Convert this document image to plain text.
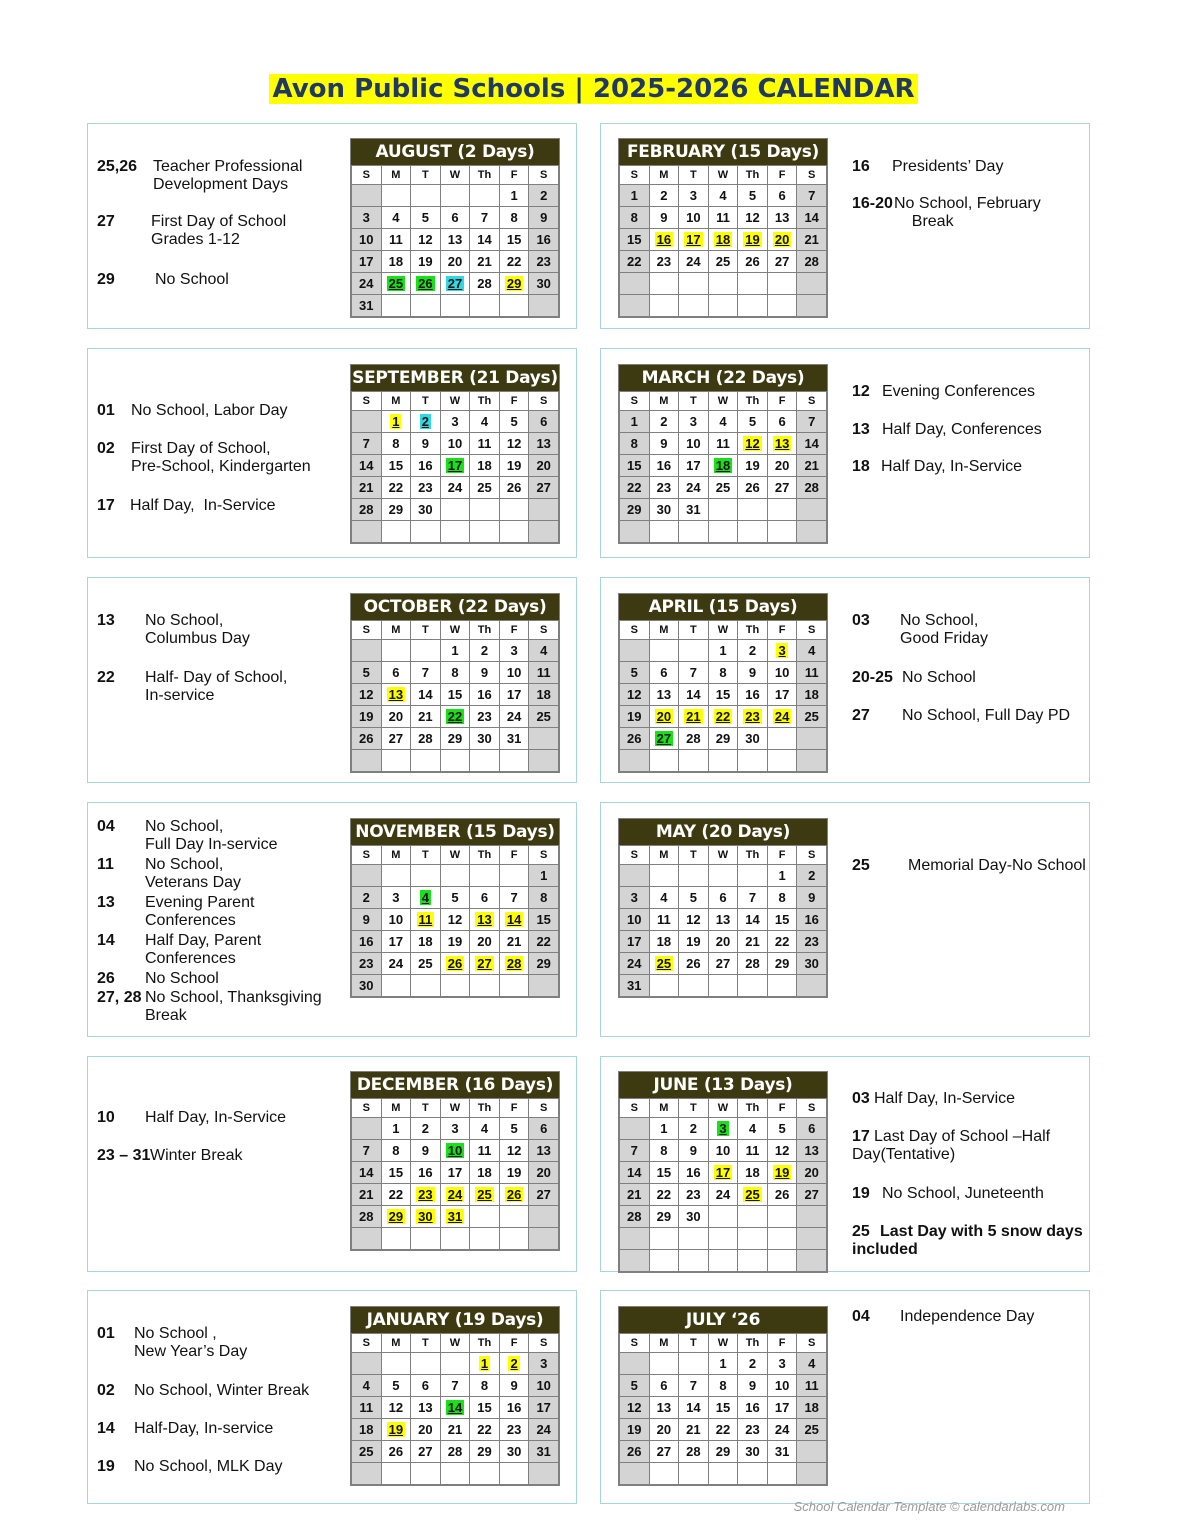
Avon Public Schools | 2025-2026 CALENDAR
25,26 Teacher Professional
Development Days
27 First Day of School
Grades 1-12
29	No School
AUGUST (2 Days)
S	M	T	W	Th	F	S
					1	2
3	4	5	6	7	8	9
10	11	12	13	14	15	16
17	18	19	20	21	22	23
24	25	26	27	28	29	30
31						
16 Presidents’ Day
16-20 No School, February
Break
FEBRUARY (15 Days)
S	M	T	W	Th	F	S
1	2	3	4	5	6	7
8	9	10	11	12	13	14
15	16	17	18	19	20	21
22	23	24	25	26	27	28

01 No School, Labor Day
02 First Day of School,
Pre-School, Kindergarten
17 Half Day,  In-Service
SEPTEMBER (21 Days)
S	M	T	W	Th	F	S
	1	2	3	4	5	6
7	8	9	10	11	12	13
14	15	16	17	18	19	20
21	22	23	24	25	26	27
28	29	30				

12 Evening Conferences
13 Half Day, Conferences
18 Half Day, In-Service
MARCH (22 Days)
S	M	T	W	Th	F	S
1	2	3	4	5	6	7
8	9	10	11	12	13	14
15	16	17	18	19	20	21
22	23	24	25	26	27	28
29	30	31				

13 No School,
Columbus Day
22 Half- Day of School,
In-service
OCTOBER (22 Days)
S	M	T	W	Th	F	S
			1	2	3	4
5	6	7	8	9	10	11
12	13	14	15	16	17	18
19	20	21	22	23	24	25
26	27	28	29	30	31	

03 No School,
Good Friday
20-25 No School
27 No School, Full Day PD
APRIL (15 Days)
S	M	T	W	Th	F	S
			1	2	3	4
5	6	7	8	9	10	11
12	13	14	15	16	17	18
19	20	21	22	23	24	25
26	27	28	29	30		

04 No School,
Full Day In-service
11 No School,
Veterans Day
13 Evening Parent
Conferences
14 Half Day, Parent
Conferences
26 No School
27, 28 No School, Thanksgiving
Break
NOVEMBER (15 Days)
S	M	T	W	Th	F	S
						1
2	3	4	5	6	7	8
9	10	11	12	13	14	15
16	17	18	19	20	21	22
23	24	25	26	27	28	29
30						
25 Memorial Day-No School
MAY (20 Days)
S	M	T	W	Th	F	S
					1	2
3	4	5	6	7	8	9
10	11	12	13	14	15	16
17	18	19	20	21	22	23
24	25	26	27	28	29	30
31						
10 Half Day, In-Service
23 – 31 Winter Break
DECEMBER (16 Days)
S	M	T	W	Th	F	S
	1	2	3	4	5	6
7	8	9	10	11	12	13
14	15	16	17	18	19	20
21	22	23	24	25	26	27
28	29	30	31			

03 Half Day, In-Service
Last Day of School –Half
17

Day(Tentative)
19 No School, Juneteenth
Last Day with 5 snow days
25

included
JUNE (13 Days)
S	M	T	W	Th	F	S
	1	2	3	4	5	6
7	8	9	10	11	12	13
14	15	16	17	18	19	20
21	22	23	24	25	26	27
28	29	30				

01 No School ,
New Year’s Day
02 No School, Winter Break
14 Half-Day, In-service
19 No School, MLK Day
JANUARY (19 Days)
S	M	T	W	Th	F	S
				1	2	3
4	5	6	7	8	9	10
11	12	13	14	15	16	17
18	19	20	21	22	23	24
25	26	27	28	29	30	31

04 Independence Day
JULY ‘26
S	M	T	W	Th	F	S
			1	2	3	4
5	6	7	8	9	10	11
12	13	14	15	16	17	18
19	20	21	22	23	24	25
26	27	28	29	30	31	

School Calendar Template © calendarlabs.com
